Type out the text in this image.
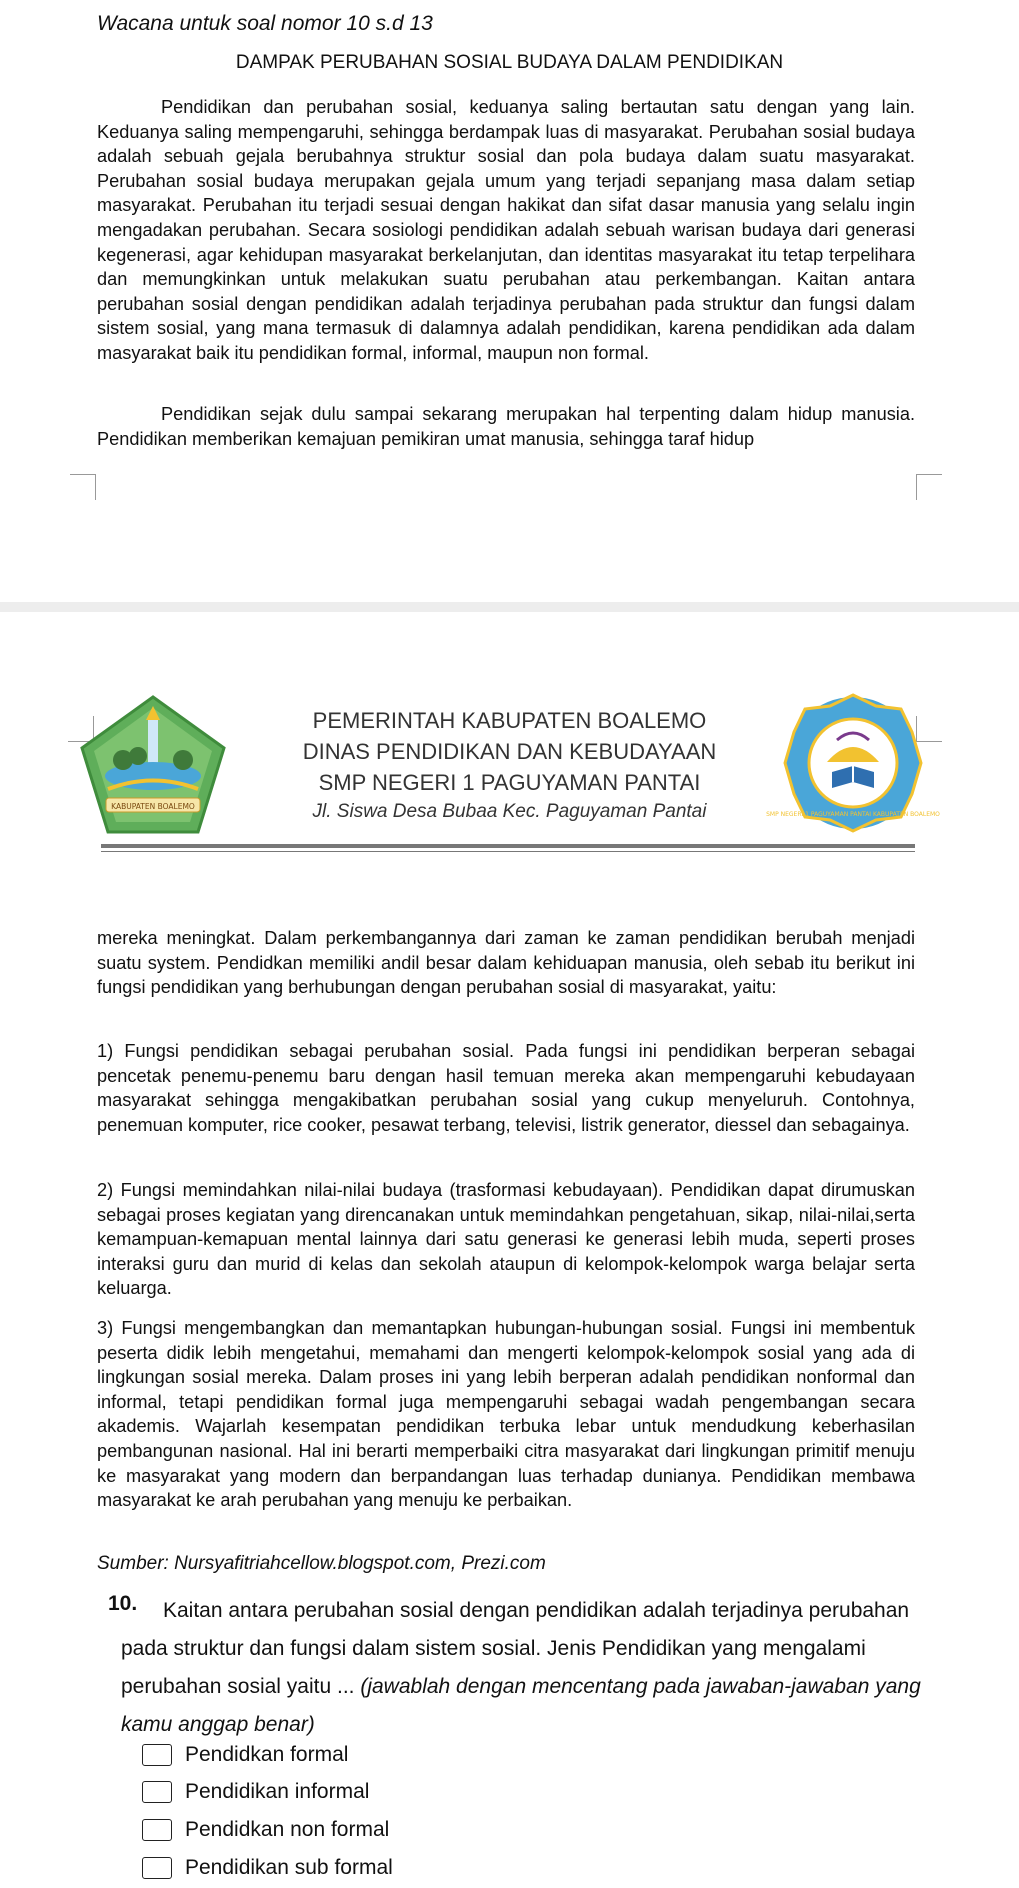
Wacana untuk soal nomor 10 s.d 13
DAMPAK PERUBAHAN SOSIAL BUDAYA DALAM PENDIDIKAN
Pendidikan dan perubahan sosial, keduanya saling bertautan satu dengan yang lain. Keduanya saling mempengaruhi, sehingga berdampak luas di masyarakat. Perubahan sosial budaya adalah sebuah gejala berubahnya struktur sosial dan pola budaya dalam suatu masyarakat. Perubahan sosial budaya merupakan gejala umum yang terjadi sepanjang masa dalam setiap masyarakat. Perubahan itu terjadi sesuai dengan hakikat dan sifat dasar manusia yang selalu ingin mengadakan perubahan. Secara sosiologi pendidikan adalah sebuah warisan budaya dari generasi kegenerasi, agar kehidupan masyarakat berkelanjutan, dan identitas masyarakat itu tetap terpelihara dan memungkinkan untuk melakukan suatu perubahan atau perkembangan. Kaitan antara perubahan sosial dengan pendidikan adalah terjadinya perubahan pada struktur dan fungsi dalam sistem sosial, yang mana termasuk di dalamnya adalah pendidikan, karena pendidikan ada dalam masyarakat baik itu pendidikan formal, informal, maupun non formal.
Pendidikan sejak dulu sampai sekarang merupakan hal terpenting dalam hidup manusia. Pendidikan memberikan kemajuan pemikiran umat manusia, sehingga taraf hidup
KABUPATEN BOALEMO
SMP NEGERI 1 PAGUYAMAN PANTAI KABUPATEN BOALEMO
PEMERINTAH KABUPATEN BOALEMO
DINAS PENDIDIKAN DAN KEBUDAYAAN
SMP NEGERI 1 PAGUYAMAN PANTAI
Jl. Siswa Desa Bubaa Kec. Paguyaman Pantai
mereka meningkat. Dalam perkembangannya dari zaman ke zaman pendidikan berubah menjadi suatu system. Pendidkan memiliki andil besar dalam kehiduapan manusia, oleh sebab itu berikut ini fungsi pendidikan yang berhubungan dengan perubahan sosial di masyarakat, yaitu:
1) Fungsi pendidikan sebagai perubahan sosial. Pada fungsi ini pendidikan berperan sebagai pencetak penemu-penemu baru dengan hasil temuan mereka akan mempengaruhi kebudayaan masyarakat sehingga mengakibatkan perubahan sosial yang cukup menyeluruh. Contohnya, penemuan komputer, rice cooker, pesawat terbang, televisi, listrik generator, diessel dan sebagainya.
2) Fungsi memindahkan nilai-nilai budaya (trasformasi kebudayaan). Pendidikan dapat dirumuskan sebagai proses kegiatan yang direncanakan untuk memindahkan pengetahuan, sikap, nilai-nilai,serta kemampuan-kemapuan mental lainnya dari satu generasi ke generasi lebih muda, seperti proses interaksi guru dan murid di kelas dan sekolah ataupun di kelompok-kelompok warga belajar serta keluarga.
3) Fungsi mengembangkan dan memantapkan hubungan-hubungan sosial. Fungsi ini membentuk peserta didik lebih mengetahui, memahami dan mengerti kelompok-kelompok sosial yang ada di lingkungan sosial mereka. Dalam proses ini yang lebih berperan adalah pendidikan nonformal dan informal, tetapi pendidikan formal juga mempengaruhi sebagai wadah pengembangan secara akademis. Wajarlah kesempatan pendidikan terbuka lebar untuk mendudkung keberhasilan pembangunan nasional. Hal ini berarti memperbaiki citra masyarakat dari lingkungan primitif menuju ke masyarakat yang modern dan berpandangan luas terhadap dunianya. Pendidikan membawa masyarakat ke arah perubahan yang menuju ke perbaikan.
Sumber: Nursyafitriahcellow.blogspot.com, Prezi.com
10.	Kaitan antara perubahan sosial dengan pendidikan adalah terjadinya perubahan pada struktur dan fungsi dalam sistem sosial. Jenis Pendidikan yang mengalami perubahan sosial yaitu ... (jawablah dengan mencentang pada jawaban-jawaban yang kamu anggap benar)
Pendidkan formal
Pendidikan informal
Pendidkan non formal
Pendidikan sub formal
